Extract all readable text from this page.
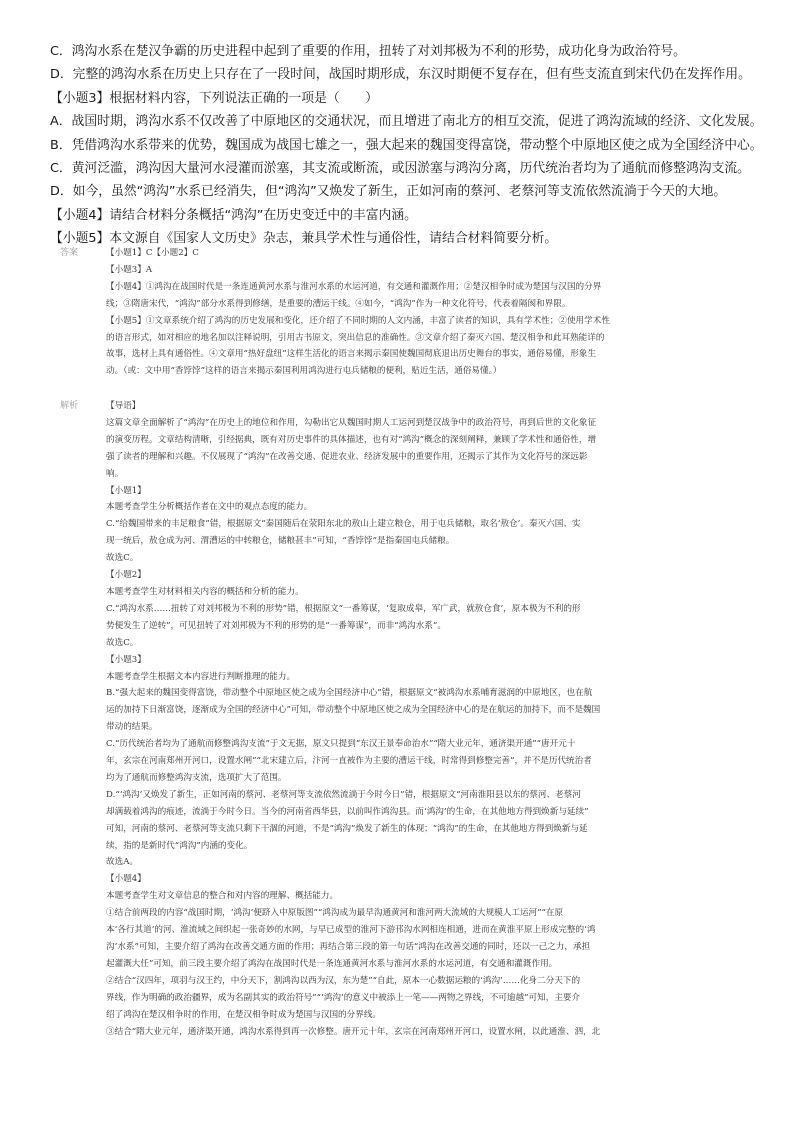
C．鸿沟水系在楚汉争霸的历史进程中起到了重要的作用，扭转了对刘邦极为不利的形势，成功化身为政治符号。
D．完整的鸿沟水系在历史上只存在了一段时间，战国时期形成，东汉时期便不复存在，但有些支流直到宋代仍在发挥作用。
【小题3】根据材料内容，下列说法正确的一项是（　　）
A．战国时期，鸿沟水系不仅改善了中原地区的交通状况，而且增进了南北方的相互交流，促进了鸿沟流域的经济、文化发展。
B．凭借鸿沟水系带来的优势，魏国成为战国七雄之一，强大起来的魏国变得富饶，带动整个中原地区使之成为全国经济中心。
C．黄河泛滥，鸿沟因大量河水浸灌而淤塞，其支流或断流，或因淤塞与鸿沟分离，历代统治者均为了通航而修整鸿沟支流。
D．如今，虽然“鸿沟”水系已经消失，但“鸿沟”又焕发了新生，正如河南的蔡河、老蔡河等支流依然流淌于今天的大地。
【小题4】请结合材料分条概括“鸿沟”在历史变迁中的丰富内涵。
【小题5】本文源自《国家人文历史》杂志，兼具学术性与通俗性，请结合材料简要分析。
答案	【小题1】C【小题2】C
【小题3】A
【小题4】①鸿沟在战国时代是一条连通黄河水系与淮河水系的水运河道，有交通和灌溉作用；②楚汉相争时成为楚国与汉国的分界
线；③隋唐宋代，“鸿沟”部分水系得到修缮，是重要的漕运干线。④如今，“鸿沟”作为一种文化符号，代表着隔阂和界限。
【小题5】①文章系统介绍了鸿沟的历史发展和变化，还介绍了不同时期的人文内涵，丰富了读者的知识，具有学术性；②使用学术性
的语言形式，如对相应的地名加以注释说明，引用古书原文，突出信息的准确性。③文章介绍了秦灭六国、楚汉相争和此耳熟能详的
故事，选材上具有通俗性。④文章用“热好盘纽”这样生活化的语言来揭示秦国使魏国彻底退出历史舞台的事实，通俗易懂，形象生
动。（或：文中用“香饽饽”这样的语言来揭示秦国利用鸿沟进行屯兵储粮的便利，贴近生活，通俗易懂。）
解析	【导语】
这篇文章全面解析了“鸿沟”在历史上的地位和作用，勾勒出它从魏国时期人工运河到楚汉战争中的政治符号，再到后世的文化象征
的演变历程。文章结构清晰，引经据典，既有对历史事件的具体描述，也有对“鸿沟”概念的深刻阐释，兼顾了学术性和通俗性，增
强了读者的理解和兴趣。不仅展现了“鸿沟”在改善交通、促进农业、经济发展中的重要作用，还揭示了其作为文化符号的深远影
响。
【小题1】
本题考查学生分析概括作者在文中的观点态度的能力。
C.“给魏国带来的丰足粮食”错，根据原文“秦国随后在荥阳东北的敖山上建立粮仓，用于屯兵储粮，取名‘敖仓’。秦灭六国、实
现一统后，敖仓成为河、渭漕运的中转粮仓，储粮甚丰”可知，“香饽饽”是指秦国屯兵储粮。
故选C。
【小题2】
本题考查学生对材料相关内容的概括和分析的能力。
C.“鸿沟水系……扭转了对刘邦极为不利的形势”错，根据原文“一番筹谋，‘复取成皋，军广武，就敖仓食’，原本极为不利的形
势便发生了逆转”，可见扭转了对刘邦极为不利的形势的是“一番筹谋”，而非“鸿沟水系”。
故选C。
【小题3】
本题考查学生根据文本内容进行判断推理的能力。
B.“强大起来的魏国变得富饶，带动整个中原地区使之成为全国经济中心”错，根据原文“被鸿沟水系哺育滋润的中原地区，也在航
运的加持下日渐富饶，逐渐成为全国的经济中心”可知，带动整个中原地区使之成为全国经济中心的是在航运的加持下，而不是魏国
带动的结果。
C.“历代统治者均为了通航而修整鸿沟支流”于文无据，原文只提到“东汉王景奉命治水”“隋大业元年，通济渠开通”“唐开元十
年，玄宗在河南郑州开河口，设置水闸”“北宋建立后，汴河一直被作为主要的漕运干线，时常得到修整完善”，并不是历代统治者
均为了通航而修整鸿沟支流，选项扩大了范围。
D.“‘鸿沟’又焕发了新生，正如河南的蔡河、老蔡河等支流依然流淌于今时今日”错，根据原文“河南淮阳县以东的蔡河、老蔡河
却满载着鸿沟的痕迹，流淌于今时今日。当今的河南省西华县，以前叫作鸿沟县。而‘鸿沟’的生命，在其他地方得到焕新与延续”
可知，河南的蔡河、老蔡河等支流只剩下干涸的河道，不是“鸿沟”焕发了新生的体现；“鸿沟”的生命，在其他地方得到焕新与延
续，指的是新时代“鸿沟”内涵的变化。
故选A。
【小题4】
本题考查学生对文章信息的整合和对内容的理解、概括能力。
①结合前两段的内容“战国时期，‘鸿沟’便跻入中原版图”“鸿沟成为最早沟通黄河和淮河两大流域的大规模人工运河”“在原
本‘各行其道’的河、淮流域之间织起一张奇妙的水网，与早已成型的淮河下游邗沟水网相连相通，进而在黄淮平原上形成完整的‘鸿
沟’水系”可知，主要介绍了鸿沟在改善交通方面的作用；再结合第三段的第一句话“鸿沟在改善交通的同时，还以一己之力，承担
起灌溉大任”可知，前三段主要介绍了鸿沟在战国时代是一条连通黄河水系与淮河水系的水运河道，有交通和灌溉作用。
②结合“汉四年，项羽与汉王约，中分天下，割鸿沟以西为汉，东为楚”“自此，原本一心数据运粮的‘鸿沟’……化身二分天下的
界线，作为明确的政治疆界，成为名副其实的政治符号”“‘鸿沟’的意义中被添上一笔——两物之界线，不可逾越”可知，主要介
绍了鸿沟在楚汉相争时的作用，在楚汉相争时成为楚国与汉国的分界线。
③结合“隋大业元年，通济渠开通，鸿沟水系得到再一次修整。唐开元十年，玄宗在河南郑州开河口，设置水闸，以此通淮、泗，北
